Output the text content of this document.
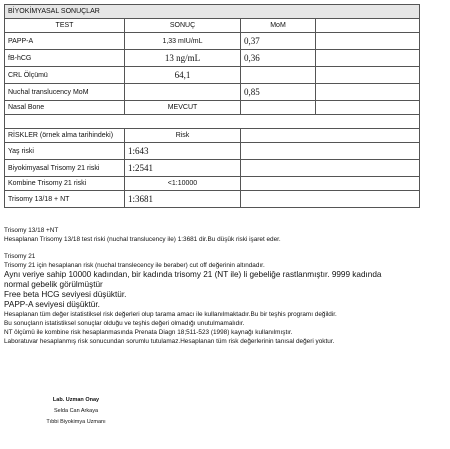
BİYOKİMYASAL SONUÇLAR			
TEST	SONUÇ	MoM	
PAPP-A	1,33 mIU/mL	0,37	
fB-hCG	13 ng/mL	0,36	
CRL Ölçümü	64,1		
Nuchal translucency MoM		0,85	
Nasal Bone	MEVCUT		

RİSKLER (örnek alma tarihindeki)	Risk		
Yaş riski	1:643		
Biyokimyasal Trisomy 21 riski	1:2541		
Kombine Trisomy 21 riski	<1:10000		
Trisomy 13/18 + NT	1:3681		

Trisomy 13/18 +NT

Hesaplanan Trisomy 13/18 test riski (nuchal translucency ile) 1:3681 dir.Bu düşük riski işaret eder.

Trisomy 21

Trisomy 21 için hesaplanan risk (nuchal translecency ile beraber) cut off değerinin altındadır.

Aynı veriye sahip 10000 kadından, bir kadında trisomy 21 (NT ile) li gebeliğe rastlanmıştır. 9999 kadında

normal gebelik görülmüştür

Free beta HCG seviyesi düşüktür.

PAPP-A seviyesi düşüktür.

Hesaplanan tüm değer istatistiksel risk değerleri olup tarama amacı ile kullanılmaktadır.Bu bir teşhis programı değildir.

Bu sonuçların istatistiksel sonuçlar olduğu ve teşhis değeri olmadığı unutulmamalıdır.

NT ölçümü ile kombine risk hesaplanmasında Prenata Diagn 18;511-523 (1998) kaynağı kullanılmıştır.

Laboratuvar hesaplanmış risk sonucundan sorumlu tutulamaz.Hesaplanan tüm risk değerlerinin tanısal değeri yoktur.

Lab. Uzman Onay
Selda Can Arkaya
Tıbbi Biyokimya Uzmanı
